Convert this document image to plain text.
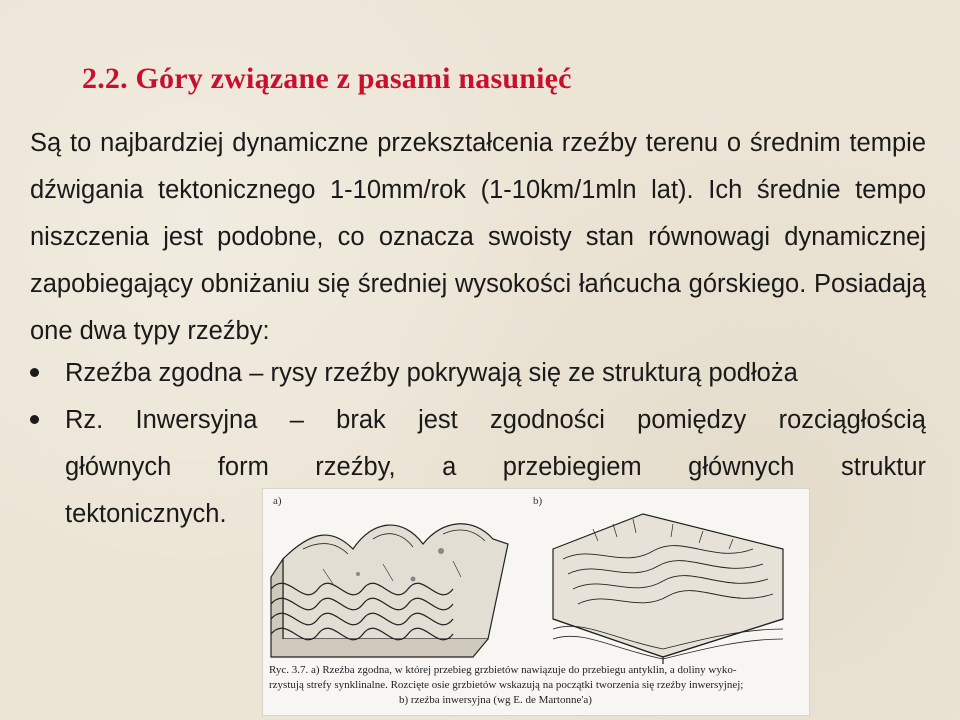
2.2. Góry związane z pasami nasunięć
Są to najbardziej dynamiczne przekształcenia rzeźby terenu o średnim tempie dźwigania tektonicznego 1-10mm/rok (1-10km/1mln lat). Ich średnie tempo niszczenia jest podobne, co oznacza swoisty stan równowagi dynamicznej zapobiegający obniżaniu się średniej wysokości łańcucha górskiego. Posiadają one dwa typy rzeźby:
Rzeźba zgodna – rysy rzeźby pokrywają się ze strukturą podłoża
Rz. Inwersyjna – brak jest zgodności pomiędzy rozciągłością
głównych form rzeźby, a przebiegiem głównych struktur
tektonicznych.	a)	b)
Ryc. 3.7. a) Rzeźba zgodna, w której przebieg grzbietów nawiązuje do przebiegu antyklin, a doliny wyko-
rzystują strefy synklinalne. Rozcięte osie grzbietów wskazują na początki tworzenia się rzeźby inwersyjnej;
b) rzeźba inwersyjna (wg E. de Martonne'a)
